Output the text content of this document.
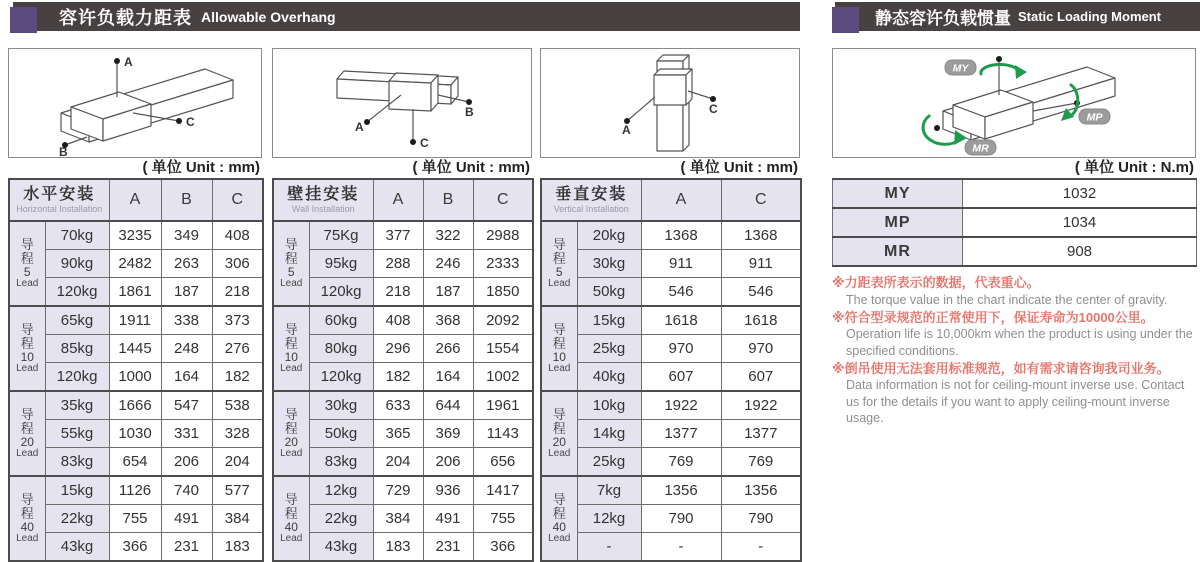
容许负载力距表 Allowable Overhang	静态容许负载惯量 Static Loading Moment
A
C
B
( 单位 Unit : mm)
水平安装
Horizontal Installation		A	B	C

导
程
5
Lead	70kg	3235	349	408
	90kg	2482	263	306
	120kg	1861	187	218

导
程
10
Lead	65kg	1911	338	373
	85kg	1445	248	276
	120kg	1000	164	182

导
程
20
Lead	35kg	1666	547	538
	55kg	1030	331	328
	83kg	654	206	204

导
程
40
Lead	15kg	1126	740	577
	22kg	755	491	384
	43kg	366	231	183
A
B
C
( 单位 Unit : mm)
壁挂安装
Wall Installation		A	B	C

导
程
5
Lead	75Kg	377	322	2988
	95kg	288	246	2333
	120kg	218	187	1850

导
程
10
Lead	60kg	408	368	2092
	80kg	296	266	1554
	120kg	182	164	1002

导
程
20
Lead	30kg	633	644	1961
	50kg	365	369	1143
	83kg	204	206	656

导
程
40
Lead	12kg	729	936	1417
	22kg	384	491	755
	43kg	183	231	366
A
C
( 单位 Unit : mm)
垂直安装
Vertical Installation		A	C

导
程
5
Lead	20kg	1368	1368
	30kg	911	911
	50kg	546	546

导
程
10
Lead	15kg	1618	1618
	25kg	970	970
	40kg	607	607

导
程
20
Lead	10kg	1922	1922
	14kg	1377	1377
	25kg	769	769

导
程
40
Lead	7kg	1356	1356
	12kg	790	790
	-	-	-
MY
MP
MR
( 单位 Unit : N.m)
MY	1032
MP	1034
MR	908
※力距表所表示的数据，代表重心。
The torque value in the chart indicate the center of gravity.
※符合型录规范的正常使用下，保证寿命为10000公里。
Operation life is 10,000km when the product is using under the specified conditions.
※倒吊使用无法套用标准规范，如有需求请咨询我司业务。
Data information is not for ceiling-mount inverse use. Contact us for the details if you want to apply ceiling-mount inverse usage.
